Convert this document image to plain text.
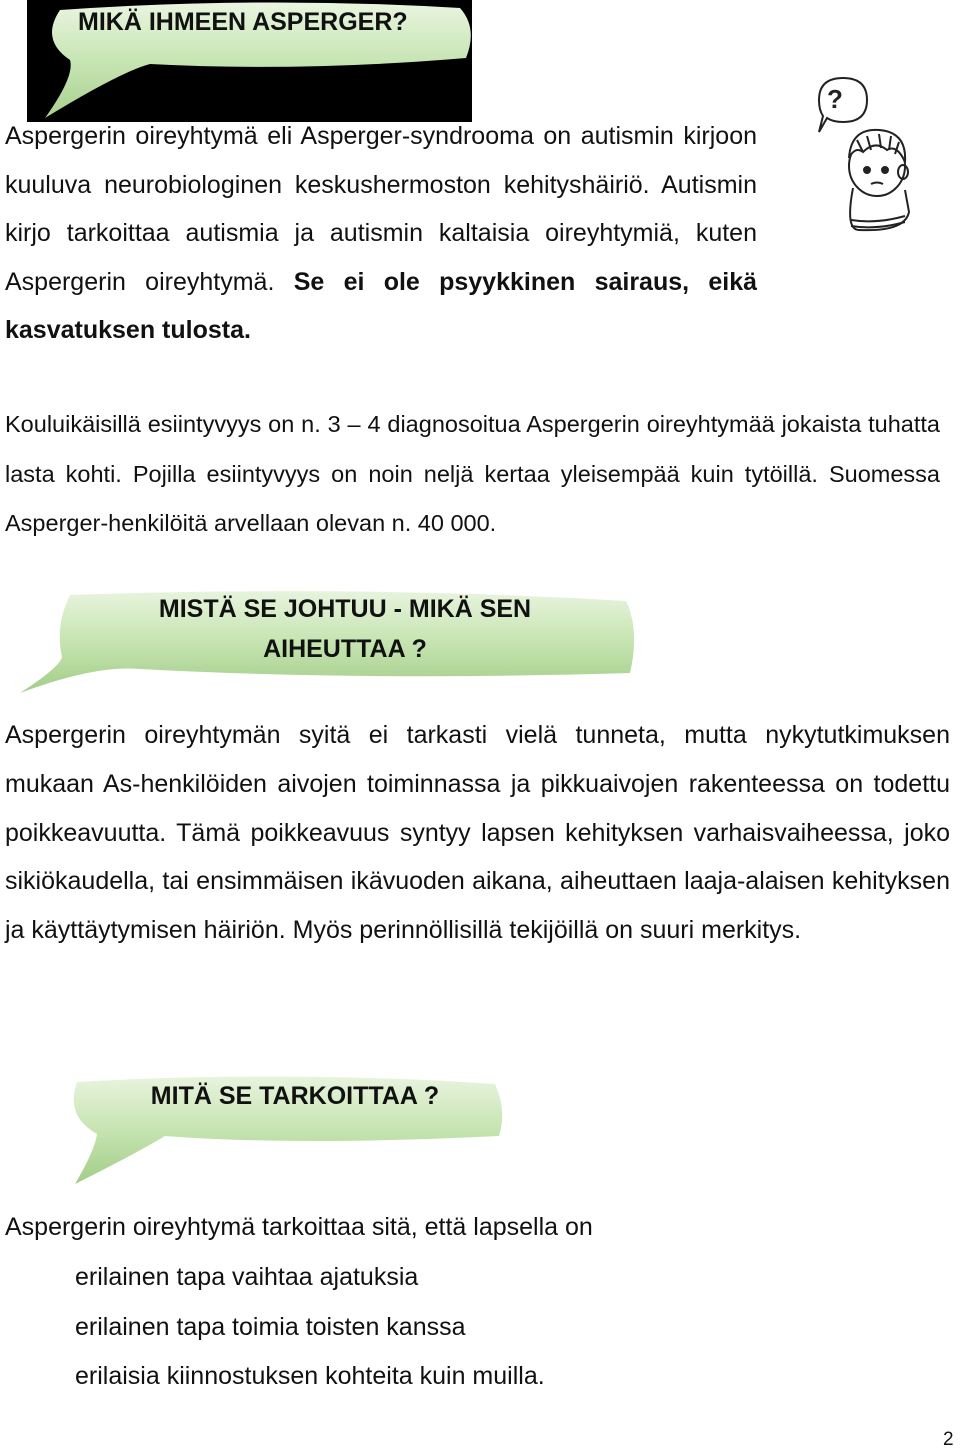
MIKÄ IHMEEN ASPERGER?
?

Aspergerin oireyhtymä eli Asperger-syndrooma on autismin kirjoon kuuluva neurobiologinen keskushermoston kehityshäiriö. Autismin kirjo tarkoittaa autismia ja autismin kaltaisia oireyhtymiä, kuten Aspergerin oireyhtymä. Se ei ole psyykkinen sairaus, eikä kasvatuksen tulosta.

Kouluikäisillä esiintyvyys on n. 3 – 4 diagnosoitua Aspergerin oireyhtymää jokaista tuhatta lasta kohti. Pojilla esiintyvyys on noin neljä kertaa yleisempää kuin tytöillä. Suomessa Asperger-henkilöitä arvellaan olevan n. 40 000.

MISTÄ SE JOHTUU - MIKÄ SEN AIHEUTTAA ?

Aspergerin oireyhtymän syitä ei tarkasti vielä tunneta, mutta nykytutkimuksen mukaan As-henkilöiden aivojen toiminnassa ja pikkuaivojen rakenteessa on todettu poikkeavuutta. Tämä poikkeavuus syntyy lapsen kehityksen varhaisvaiheessa, joko sikiökaudella, tai ensimmäisen ikävuoden aikana, aiheuttaen laaja-alaisen kehityksen ja käyttäytymisen häiriön. Myös perinnöllisillä tekijöillä on suuri merkitys.

MITÄ SE TARKOITTAA ?
Aspergerin oireyhtymä tarkoittaa sitä, että lapsella on
erilainen tapa vaihtaa ajatuksia
erilainen tapa toimia toisten kanssa
erilaisia kiinnostuksen kohteita kuin muilla.
2
